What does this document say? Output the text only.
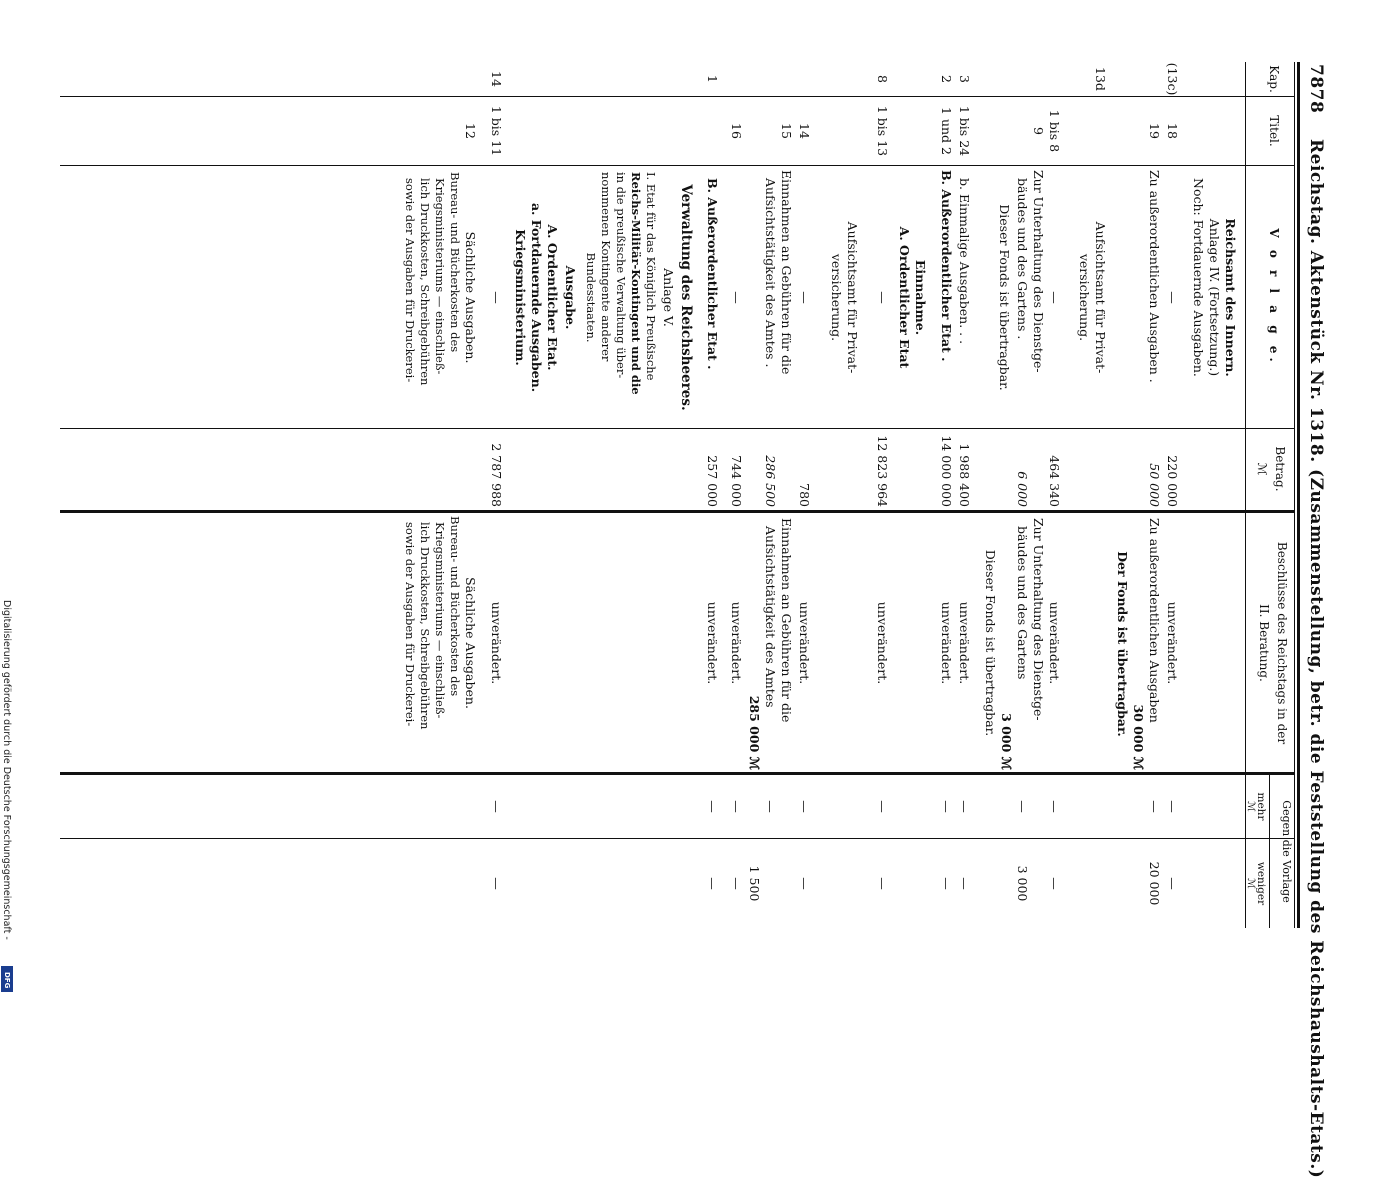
7878    Reichstag. Aktenstück Nr. 1318. (Zusammenstellung, betr. die Feststellung des Reichshaushalts-Etats.)
Kap.
Titel.
V o r l a g e.
Betrag.
ℳ
Beschlüsse des Reichstags in der
II. Beratung.
Gegen die Vorlage
mehr
weniger
ℳ
ℳ
Reichsamt des Innern.
Anlage IV. (Fortsetzung.)
Noch: Fortdauernde Ausgaben.
(13c)
18
—
220 000
unverändert.
—
—
19
Zu außerordentlichen Ausgaben .
50 000
Zu außerordentlichen Ausgaben
30 000 ℳ
Der Fonds ist übertragbar.
—
20 000
13d
Aufsichtsamt für Privat-
versicherung.
1 bis 8
—
464 340
unverändert.
—
—
9
Zur Unterhaltung des Dienstge-
bäudes und des Gartens .
Dieser Fonds ist übertragbar.
6 000
Zur Unterhaltung des Dienstge-
bäudes und des Gartens
3 000 ℳ
Dieser Fonds ist übertragbar.
—
3 000
3
1 bis 24
b. Einmalige Ausgaben. . .
1 988 400
unverändert.
—
—
2
1 und 2
B. Außerordentlicher Etat .
14 000 000
unverändert.
—
—
Einnahme.
A. Ordentlicher Etat
8
1 bis 13
—
12 823 964
unverändert.
—
—
Aufsichtsamt für Privat-
versicherung.
14
—
780
unverändert.
—
—
15
Einnahmen an Gebühren für die
Aufsichtstätigkeit des Amtes .
286 500
Einnahmen an Gebühren für die
Aufsichtstätigkeit des Amtes
285 000 ℳ
—
1 500
16
—
744 000
unverändert.
—
—
1
B. Außerordentlicher Etat .
257 000
unverändert.
—
—
Verwaltung des Reichsheeres.
Anlage V.
I. Etat für das Königlich Preußische
Reichs-Militär-Kontingent und die
in die preußische Verwaltung über-
nommenen Kontingente anderer
Bundesstaaten.
Ausgabe.
A. Ordentlicher Etat.
a. Fortdauernde Ausgaben.
Kriegsministerium.
14
1 bis 11
—
2 787 988
unverändert.
—
—
12
Sächliche Ausgaben.
Bureau- und Bücherkosten des
Kriegsministeriums — einschließ-
lich Druckkosten, Schreibgebühren
sowie der Ausgaben für Druckerei-
Sächliche Ausgaben.
Bureau- und Bücherkosten des
Kriegsministeriums — einschließ-
lich Druckkosten, Schreibgebühren
sowie der Ausgaben für Druckerei-
Digitalisierung gefördert durch die Deutsche Forschungsgemeinschaft -
DFG
